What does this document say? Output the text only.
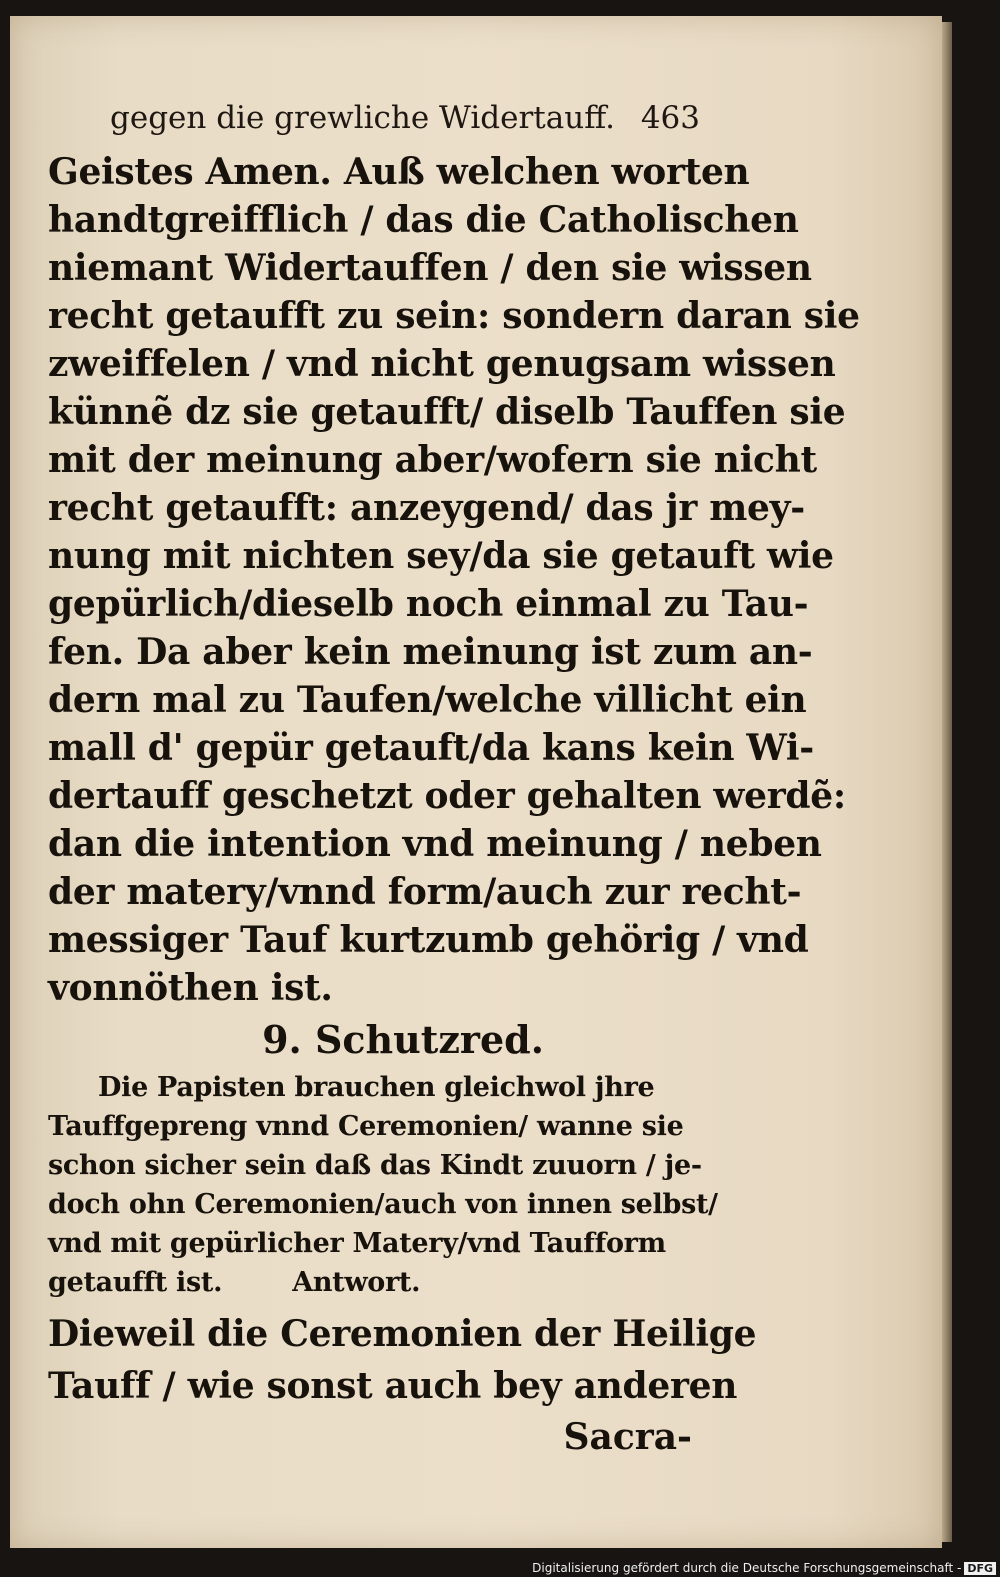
gegen die grewliche Widertauff. 463
Geistes Amen. Auß welchen worten
handtgreifflich / das die Catholischen
niemant Widertauffen / den sie wissen
recht getaufft zu sein: sondern daran sie
zweiffelen / vnd nicht genugsam wissen
künnẽ dz sie getaufft/ diselb Tauffen sie
mit der meinung aber/wofern sie nicht
recht getaufft: anzeygend/ das jr mey-
nung mit nichten sey/da sie getauft wie
gepürlich/dieselb noch einmal zu Tau-
fen. Da aber kein meinung ist zum an-
dern mal zu Taufen/welche villicht ein
mall d' gepür getauft/da kans kein Wi-
dertauff geschetzt oder gehalten werdẽ:
dan die intention vnd meinung / neben
der matery/vnnd form/auch zur recht-
messiger Tauf kurtzumb gehörig / vnd
vonnöthen ist.
9. Schutzred.
Die Papisten brauchen gleichwol jhre
Tauffgepreng vnnd Ceremonien/ wanne sie
schon sicher sein daß das Kindt zuuorn / je-
doch ohn Ceremonien/auch von innen selbst/
vnd mit gepürlicher Matery/vnd Taufform
getaufft ist.	Antwort.
Dieweil die Ceremonien der Heilige
Tauff / wie sonst auch bey anderen
Sacra-
Digitalisierung gefördert durch die Deutsche Forschungsgemeinschaft - DFG
